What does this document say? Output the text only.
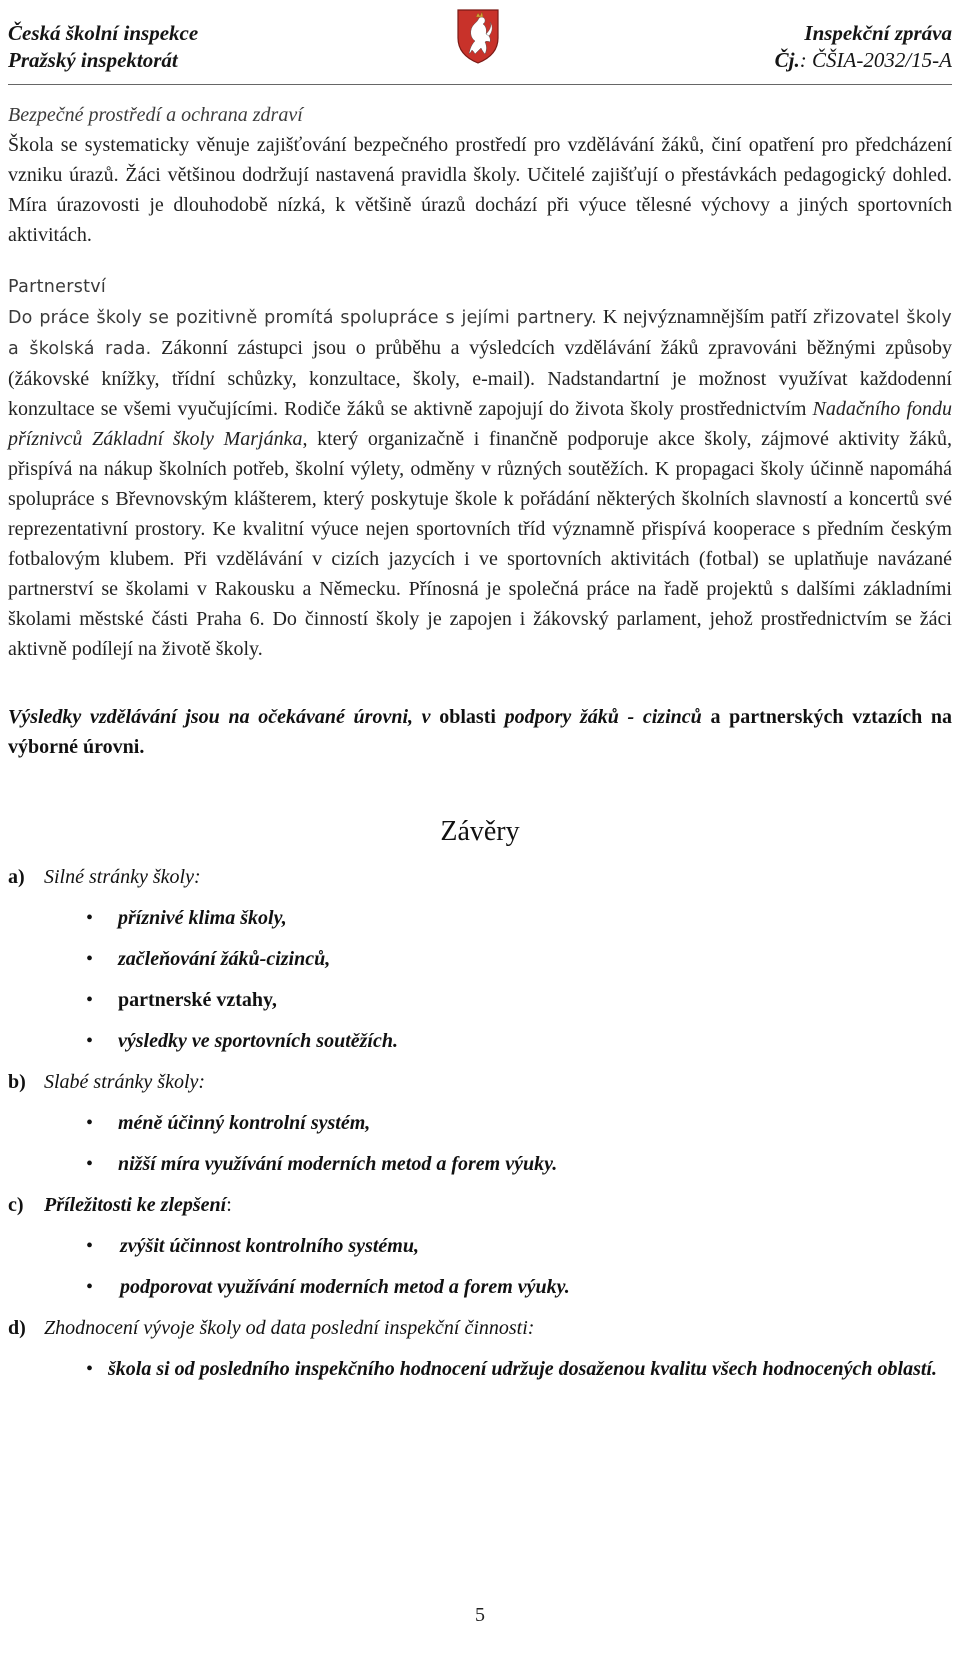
Česká školní inspekce
Pražský inspektorát
Inspekční zpráva
Čj.: ČŠIA-2032/15-A
Bezpečné prostředí a ochrana zdraví
Škola se systematicky věnuje zajišťování bezpečného prostředí pro vzdělávání žáků, činí opatření pro předcházení vzniku úrazů. Žáci většinou dodržují nastavená pravidla školy. Učitelé zajišťují o přestávkách pedagogický dohled. Míra úrazovosti je dlouhodobě nízká, k většině úrazů dochází při výuce tělesné výchovy a jiných sportovních aktivitách.
Partnerství
Do práce školy se pozitivně promítá spolupráce s jejími partnery. K nejvýznamnějším patří zřizovatel školy a školská rada. Zákonní zástupci jsou o průběhu a výsledcích vzdělávání žáků zpravováni běžnými způsoby (žákovské knížky, třídní schůzky, konzultace, školy, e-mail). Nadstandartní je možnost využívat každodenní konzultace se všemi vyučujícími. Rodiče žáků se aktivně zapojují do života školy prostřednictvím Nadačního fondu příznivců Základní školy Marjánka, který organizačně i finančně podporuje akce školy, zájmové aktivity žáků, přispívá na nákup školních potřeb, školní výlety, odměny v různých soutěžích. K propagaci školy účinně napomáhá spolupráce s Břevnovským klášterem, který poskytuje škole k pořádání některých školních slavností a koncertů své reprezentativní prostory. Ke kvalitní výuce nejen sportovních tříd významně přispívá kooperace s předním českým fotbalovým klubem. Při vzdělávání v cizích jazycích i ve sportovních aktivitách (fotbal) se uplatňuje navázané partnerství se školami v Rakousku a Německu. Přínosná je společná práce na řadě projektů s dalšími základními školami městské části Praha 6. Do činností školy je zapojen i žákovský parlament, jehož prostřednictvím se žáci aktivně podílejí na životě školy.
Výsledky vzdělávání jsou na očekávané úrovni, v oblasti podpory žáků - cizinců a partnerských vztazích na výborné úrovni.
Závěry
a) Silné stránky školy:
• příznivé klima školy,
• začleňování žáků-cizinců,
• partnerské vztahy,
• výsledky ve sportovních soutěžích.
b) Slabé stránky školy:
• méně účinný kontrolní systém,
• nižší míra využívání moderních metod a forem výuky.
c) Příležitosti ke zlepšení:
• zvýšit účinnost kontrolního systému,
• podporovat využívání moderních metod a forem výuky.
d) Zhodnocení vývoje školy od data poslední inspekční činnosti:
• škola si od posledního inspekčního hodnocení udržuje dosaženou kvalitu všech hodnocených oblastí.
5
